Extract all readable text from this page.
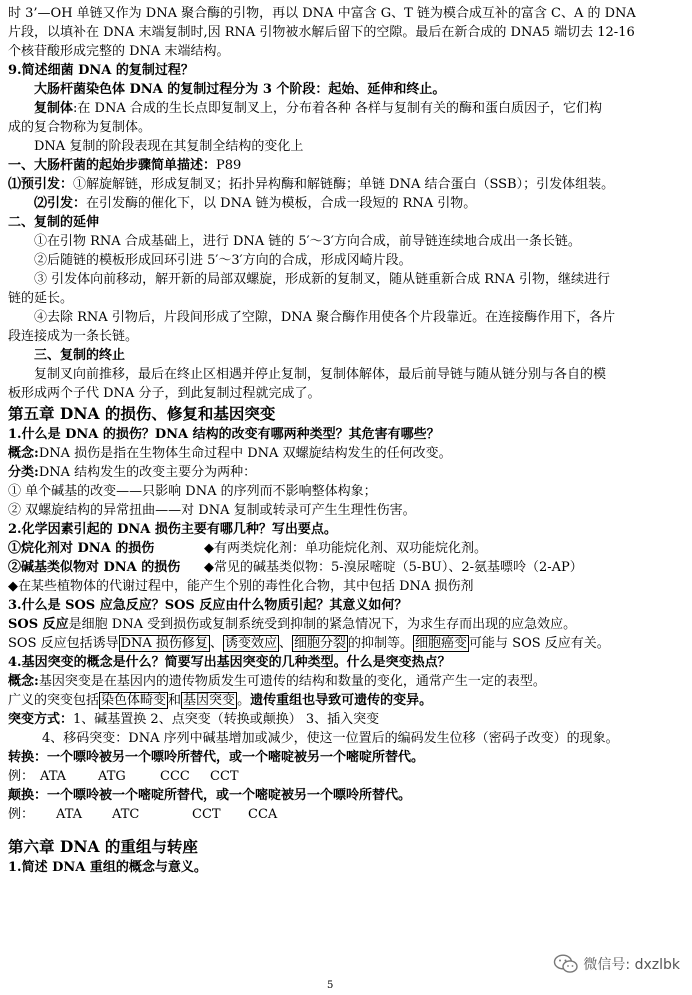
时 3’—OH 单链又作为 DNA 聚合酶的引物，再以 DNA 中富含 G、T 链为模合成互补的富含 C、A 的 DNA
片段，以填补在 DNA 末端复制时,因 RNA 引物被水解后留下的空隙。最后在新合成的 DNA5 端切去 12-16
个核苷酸形成完整的 DNA 末端结构。
9.简述细菌 DNA 的复制过程？
大肠杆菌染色体 DNA 的复制过程分为 3 个阶段：起始、延伸和终止。
复制体:在 DNA 合成的生长点即复制叉上，分布着各种 各样与复制有关的酶和蛋白质因子，它们构
成的复合物称为复制体。
DNA 复制的阶段表现在其复制全结构的变化上
一、大肠杆菌的起始步骤简单描述：P89
⑴预引发：①解旋解链，形成复制叉；拓扑异构酶和解链酶；单链 DNA 结合蛋白（SSB）；引发体组装。
⑵引发：在引发酶的催化下，以 DNA 链为模板，合成一段短的 RNA 引物。
二、复制的延伸
①在引物 RNA 合成基础上，进行 DNA 链的 5′～3′方向合成，前导链连续地合成出一条长链。
②后随链的模板形成回环引进 5′～3′方向的合成，形成冈崎片段。
③ 引发体向前移动，解开新的局部双螺旋，形成新的复制叉，随从链重新合成 RNA 引物，继续进行
链的延长。
④去除 RNA 引物后，片段间形成了空隙，DNA 聚合酶作用使各个片段靠近。在连接酶作用下，各片
段连接成为一条长链。
三、复制的终止
复制叉向前推移，最后在终止区相遇并停止复制，复制体解体，最后前导链与随从链分别与各自的模
板形成两个子代 DNA 分子，到此复制过程就完成了。
第五章 DNA 的损伤、修复和基因突变
1.什么是 DNA 的损伤？DNA 结构的改变有哪两种类型？其危害有哪些？
概念:DNA 损伤是指在生物体生命过程中 DNA 双螺旋结构发生的任何改变。
分类:DNA 结构发生的改变主要分为两种：
① 单个碱基的改变——只影响 DNA 的序列而不影响整体构象；
② 双螺旋结构的异常扭曲——对 DNA 复制或转录可产生生理性伤害。
2.化学因素引起的 DNA 损伤主要有哪几种？写出要点。
①烷化剂对 DNA 的损伤	◆有两类烷化剂：单功能烷化剂、双功能烷化剂。
②碱基类似物对 DNA 的损伤	◆常见的碱基类似物：5-溴尿嘧啶（5-BU）、2-氨基嘌呤（2-AP）
◆在某些植物体的代谢过程中，能产生个别的毒性化合物，其中包括 DNA 损伤剂
3.什么是 SOS 应急反应？SOS 反应由什么物质引起？其意义如何？
SOS 反应是细胞 DNA 受到损伤或复制系统受到抑制的紧急情况下，为求生存而出现的应急效应。
SOS 反应包括诱导 DNA 损伤修复 、 诱变效应 、 细胞分裂 的抑制等。 细胞癌变 可能与 SOS 反应有关。
4.基因突变的概念是什么？简要写出基因突变的几种类型。什么是突变热点？
概念:基因突变是在基因内的遗传物质发生可遗传的结构和数量的变化，通常产生一定的表型。
广义的突变包括 染色体畸变 和 基因突变 。遗传重组也导致可遗传的变异。
突变方式：1、碱基置换 2、点突变（转换或颠换） 3、插入突变
4、移码突变：DNA 序列中碱基增加或减少，使这一位置后的编码发生位移（密码子改变）的现象。
转换：一个嘌呤被另一个嘌呤所替代，或一个嘧啶被另一个嘧啶所替代。
例： ATA ATG	CCC CCT
颠换：一个嘌呤被一个嘧啶所替代，或一个嘧啶被另一个嘌呤所替代。
例： ATA ATC	CCT CCA
第六章 DNA 的重组与转座
1.简述 DNA 重组的概念与意义。
微信号: dxzlbk
5
